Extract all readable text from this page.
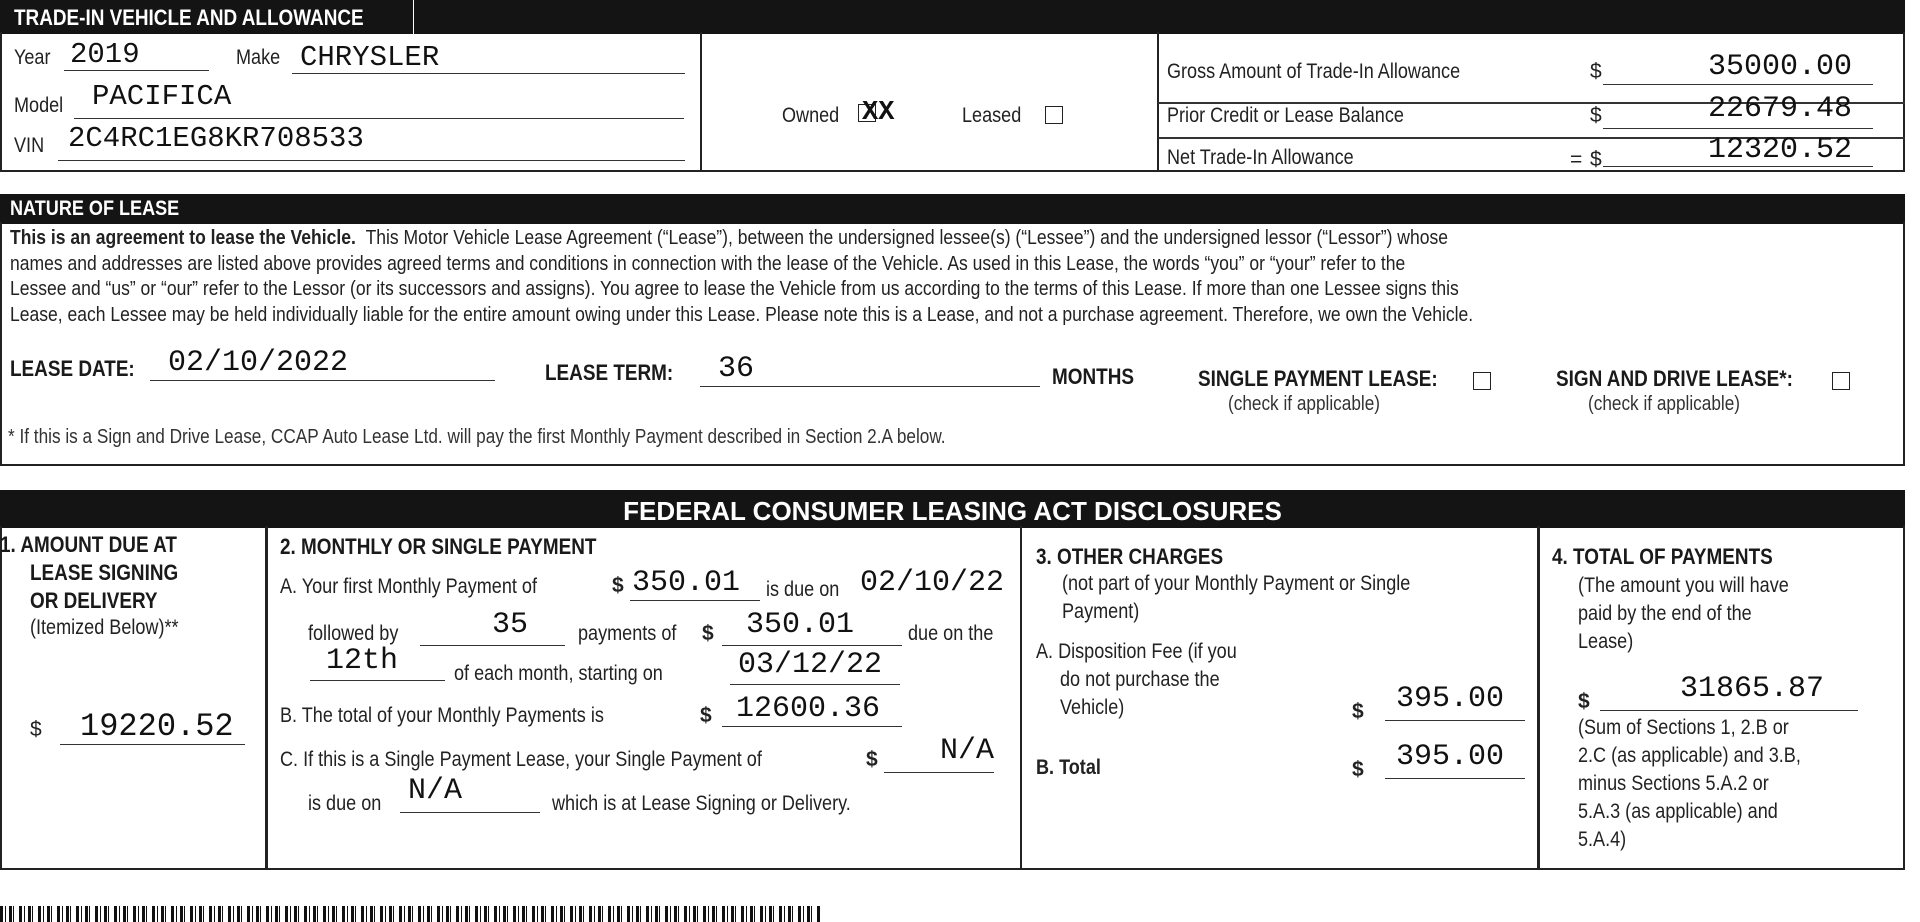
TRADE-IN VEHICLE AND ALLOWANCE
Year 2019	Make CHRYSLER
Model PACIFICA
VIN 2C4RC1EG8KR708533
Owned XX	Leased
Gross Amount of Trade-In Allowance	$	35000.00
Prior Credit or Lease Balance	$	22679.48
Net Trade-In Allowance	= $	12320.52
NATURE OF LEASE
This is an agreement to lease the Vehicle. This Motor Vehicle Lease Agreement (“Lease”), between the undersigned lessee(s) (“Lessee”) and the undersigned lessor (“Lessor”) whose
names and addresses are listed above provides agreed terms and conditions in connection with the lease of the Vehicle. As used in this Lease, the words “you” or “your” refer to the
Lessee and “us” or “our” refer to the Lessor (or its successors and assigns). You agree to lease the Vehicle from us according to the terms of this Lease. If more than one Lessee signs this
Lease, each Lessee may be held individually liable for the entire amount owing under this Lease. Please note this is a Lease, and not a purchase agreement. Therefore, we own the Vehicle.
LEASE DATE:	02/10/2022	LEASE TERM:	36	MONTHS	SINGLE PAYMENT LEASE:
(check if applicable)
SIGN AND DRIVE LEASE*:
(check if applicable)
* If this is a Sign and Drive Lease, CCAP Auto Lease Ltd. will pay the first Monthly Payment described in Section 2.A below.
FEDERAL CONSUMER LEASING ACT DISCLOSURES
1. AMOUNT DUE AT
LEASE SIGNING
OR DELIVERY
(Itemized Below)**
$ 19220.52
2. MONTHLY OR SINGLE PAYMENT
A. Your first Monthly Payment of	$ 350.01 is due on 02/10/22
followed by	35 payments of	$ 350.01	due on the
12th	of each month, starting on	03/12/22
B. The total of your Monthly Payments is	$ 12600.36
C. If this is a Single Payment Lease, your Single Payment of	$ N/A
is due on N/A	which is at Lease Signing or Delivery.
3. OTHER CHARGES
(not part of your Monthly Payment or Single
Payment)
A. Disposition Fee (if you
do not purchase the
Vehicle)	$ 395.00
B. Total	$ 395.00
4. TOTAL OF PAYMENTS
(The amount you will have
paid by the end of the
Lease)
$	31865.87
(Sum of Sections 1, 2.B or
2.C (as applicable) and 3.B,
minus Sections 5.A.2 or
5.A.3 (as applicable) and
5.A.4)
